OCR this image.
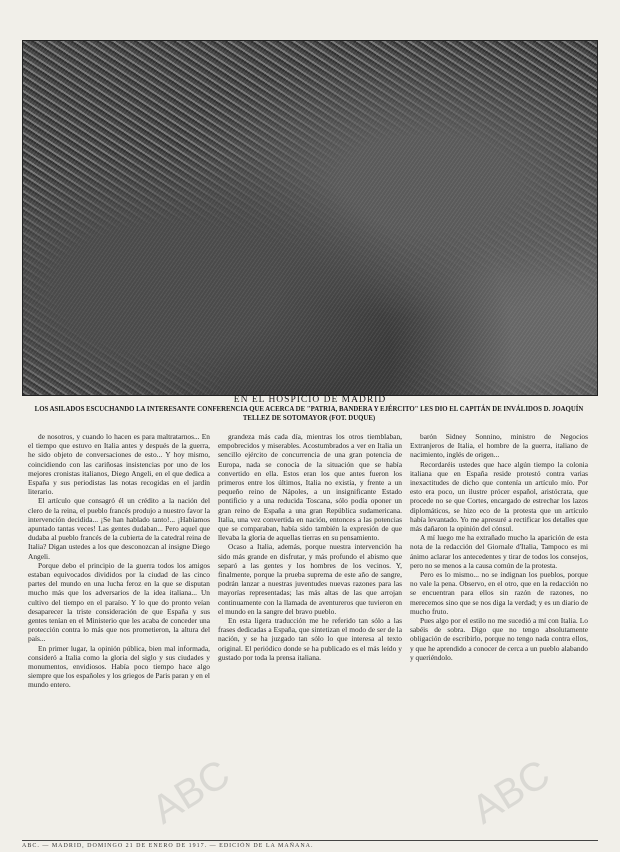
EN EL HOSPICIO DE MADRID
LOS ASILADOS ESCUCHANDO LA INTERESANTE CONFERENCIA QUE ACERCA DE "PATRIA, BANDERA Y EJÉRCITO" LES DIO EL CAPITÁN DE INVÁLIDOS D. JOAQUÍN TELLEZ DE SOTOMAYOR (FOT. DUQUE)

de nosotros, y cuando lo hacen es para maltratarnos... En el tiempo que estuvo en Italia antes y después de la guerra, he sido objeto de conversaciones de esto... Y hoy mismo, coincidiendo con las cariñosas insistencias por uno de los mejores cronistas italianos, Diego Angeli, en el que dedica a España y sus periodistas las notas recogidas en el jardín literario.

El artículo que consagró él un crédito a la nación del clero de la reina, el pueblo francés produjo a nuestro favor la intervención decidida... ¡Se han hablado tanto!... ¡Habíamos apuntado tantas veces! Las gentes dudaban... Pero aquel que dudaba al pueblo francés de la cubierta de la catedral reina de Italia? Digan ustedes a los que desconozcan al insigne Diego Angeli.

Porque debo el principio de la guerra todos los amigos estaban equivocados divididos por la ciudad de las cinco partes del mundo en una lucha feroz en la que se disputan mucho más que los adversarios de la idea italiana... Un cultivo del tiempo en el paraíso. Y lo que do pronto veían desaparecer la triste consideración de que España y sus gentes tenían en el Ministerio que les acaba de conceder una protección contra lo más que nos prometieron, la altura del país...

En primer lugar, la opinión pública, bien mal informada, consideró a Italia como la gloria del siglo y sus ciudades y monumentos, envidiosos. Había poco tiempo hace algo siempre que los españoles y los griegos de Paris paran y en el mundo entero.

grandeza más cada día, mientras los otros tiemblaban, empobrecidos y miserables. Acostumbrados a ver en Italia un sencillo ejército de concurrencia de una gran potencia de Europa, nada se conocía de la situación que se había convertido en ella. Estos eran los que antes fueron los primeros entre los últimos, Italia no existía, y frente a un pequeño reino de Nápoles, a un insignificante Estado pontificio y a una reducida Toscana, sólo podía oponer un gran reino de España a una gran República sudamericana. Italia, una vez convertida en nación, entonces a las potencias que se comparaban, había sido también la expresión de que llevaba la gloria de aquellas tierras en su pensamiento.

Ocaso a Italia, además, porque nuestra intervención ha sido más grande en disfrutar, y más profundo el abismo que separó a las gentes y los hombres de los vecinos. Y, finalmente, porque la prueba suprema de este año de sangre, podrán lanzar a nuestras juventudes nuevas razones para las mayorías representadas; las más altas de las que arrojan continuamente con la llamada de aventureros que tuvieron en el mundo en la sangre del bravo pueblo.

En esta ligera traducción me he referido tan sólo a las frases dedicadas a España, que sintetizan el modo de ser de la nación, y se ha juzgado tan sólo lo que interesa al texto original. El periódico donde se ha publicado es el más leído y gustado por toda la prensa italiana.

barón Sidney Sonnino, ministro de Negocios Extranjeros de Italia, el hombre de la guerra, italiano de nacimiento, inglés de origen...

Recordaréis ustedes que hace algún tiempo la colonia italiana que en España reside protestó contra varias inexactitudes de dicho que contenía un artículo mío. Por esto era poco, un ilustre prócer español, aristócrata, que procede no se que Cortes, encargado de estrechar los lazos diplomáticos, se hizo eco de la protesta que un artículo había levantado. Yo me apresuré a rectificar los detalles que más dañaron la opinión del cónsul.

A mí luego me ha extrañado mucho la aparición de esta nota de la redacción del Giornale d'Italia, Tampoco es mi ánimo aclarar los antecedentes y tirar de todos los consejos, pero no se menos a la causa común de la protesta.

Pero es lo mismo... no se indignan los pueblos, porque no vale la pena. Observo, en el otro, que en la redacción no se encuentran para ellos sin razón de razones, no merecemos sino que se nos diga la verdad; y es un diario de mucho fruto.

Pues algo por el estilo no me sucedió a mí con Italia. Lo sabéis de sobra. Digo que no tengo absolutamente obligación de escribirlo, porque no tengo nada contra ellos, y que he aprendido a conocer de cerca a un pueblo alabando y queriéndolo.

ABC. — MADRID, DOMINGO 21 DE ENERO DE 1917. — EDICIÓN DE LA MAÑANA.
ABC	ABC
